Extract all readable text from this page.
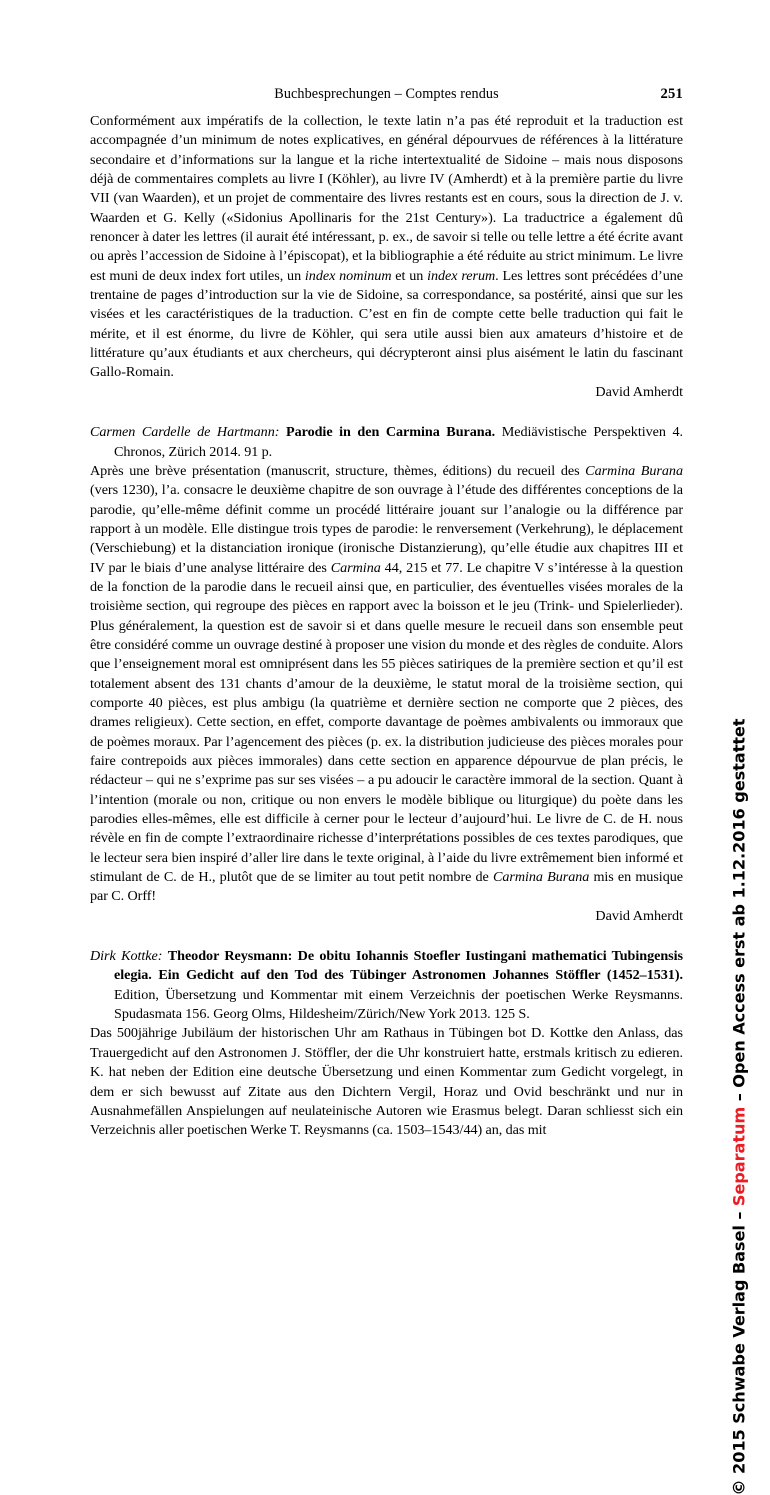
Buchbesprechungen – Comptes rendus	251

Conformément aux impératifs de la collection, le texte latin n’a pas été reproduit et la traduction est accompagnée d’un minimum de notes explicatives, en général dépourvues de références à la littérature secondaire et d’informations sur la langue et la riche intertextualité de Sidoine – mais nous disposons déjà de commentaires complets au livre I (Köhler), au livre IV (Amherdt) et à la première partie du livre VII (van Waarden), et un projet de commentaire des livres restants est en cours, sous la direction de J. v. Waarden et G. Kelly («Sidonius Apollinaris for the 21st Century»). La traductrice a également dû renoncer à dater les lettres (il aurait été intéressant, p. ex., de savoir si telle ou telle lettre a été écrite avant ou après l’accession de Sidoine à l’épiscopat), et la bibliographie a été réduite au strict minimum. Le livre est muni de deux index fort utiles, un index nominum et un index rerum. Les lettres sont précédées d’une trentaine de pages d’introduction sur la vie de Sidoine, sa correspondance, sa postérité, ainsi que sur les visées et les caractéristiques de la traduction. C’est en fin de compte cette belle traduction qui fait le mérite, et il est énorme, du livre de Köhler, qui sera utile aussi bien aux amateurs d’histoire et de littérature qu’aux étudiants et aux chercheurs, qui décrypteront ainsi plus aisément le latin du fascinant Gallo-Romain.

David Amherdt

Carmen Cardelle de Hartmann: Parodie in den Carmina Burana. Mediävistische Perspektiven 4. Chronos, Zürich 2014. 91 p.

Après une brève présentation (manuscrit, structure, thèmes, éditions) du recueil des Carmina Burana (vers 1230), l’a. consacre le deuxième chapitre de son ouvrage à l’étude des différentes conceptions de la parodie, qu’elle-même définit comme un procédé littéraire jouant sur l’analogie ou la différence par rapport à un modèle. Elle distingue trois types de parodie: le renversement (Verkehrung), le déplacement (Verschiebung) et la distanciation ironique (ironische Distanzierung), qu’elle étudie aux chapitres III et IV par le biais d’une analyse littéraire des Carmina 44, 215 et 77. Le chapitre V s’intéresse à la question de la fonction de la parodie dans le recueil ainsi que, en particulier, des éventuelles visées morales de la troisième section, qui regroupe des pièces en rapport avec la boisson et le jeu (Trink- und Spielerlieder). Plus généralement, la question est de savoir si et dans quelle mesure le recueil dans son ensemble peut être considéré comme un ouvrage destiné à proposer une vision du monde et des règles de conduite. Alors que l’enseignement moral est omniprésent dans les 55 pièces satiriques de la première section et qu’il est totalement absent des 131 chants d’amour de la deuxième, le statut moral de la troisième section, qui comporte 40 pièces, est plus ambigu (la quatrième et dernière section ne comporte que 2 pièces, des drames religieux). Cette section, en effet, comporte davantage de poèmes ambivalents ou immoraux que de poèmes moraux. Par l’agencement des pièces (p. ex. la distribution judicieuse des pièces morales pour faire contrepoids aux pièces immorales) dans cette section en apparence dépourvue de plan précis, le rédacteur – qui ne s’exprime pas sur ses visées – a pu adoucir le caractère immoral de la section. Quant à l’intention (morale ou non, critique ou non envers le modèle biblique ou liturgique) du poète dans les parodies elles-mêmes, elle est difficile à cerner pour le lecteur d’aujourd’hui. Le livre de C. de H. nous révèle en fin de compte l’extraordinaire richesse d’interprétations possibles de ces textes parodiques, que le lecteur sera bien inspiré d’aller lire dans le texte original, à l’aide du livre extrêmement bien informé et stimulant de C. de H., plutôt que de se limiter au tout petit nombre de Carmina Burana mis en musique par C. Orff!

David Amherdt

Dirk Kottke: Theodor Reysmann: De obitu Iohannis Stoefler Iustingani mathematici Tubingensis elegia. Ein Gedicht auf den Tod des Tübinger Astronomen Johannes Stöffler (1452–1531). Edition, Übersetzung und Kommentar mit einem Verzeichnis der poetischen Werke Reysmanns. Spudasmata 156. Georg Olms, Hildesheim/Zürich/New York 2013. 125 S.

Das 500jährige Jubiläum der historischen Uhr am Rathaus in Tübingen bot D. Kottke den Anlass, das Trauergedicht auf den Astronomen J. Stöffler, der die Uhr konstruiert hatte, erstmals kritisch zu edieren. K. hat neben der Edition eine deutsche Übersetzung und einen Kommentar zum Gedicht vorgelegt, in dem er sich bewusst auf Zitate aus den Dichtern Vergil, Horaz und Ovid beschränkt und nur in Ausnahmefällen Anspielungen auf neulateinische Autoren wie Erasmus belegt. Daran schliesst sich ein Verzeichnis aller poetischen Werke T. Reysmanns (ca. 1503–1543/44) an, das mit

© 2015 Schwabe Verlag Basel – Separatum – Open Access erst ab 1.12.2016 gestattet
